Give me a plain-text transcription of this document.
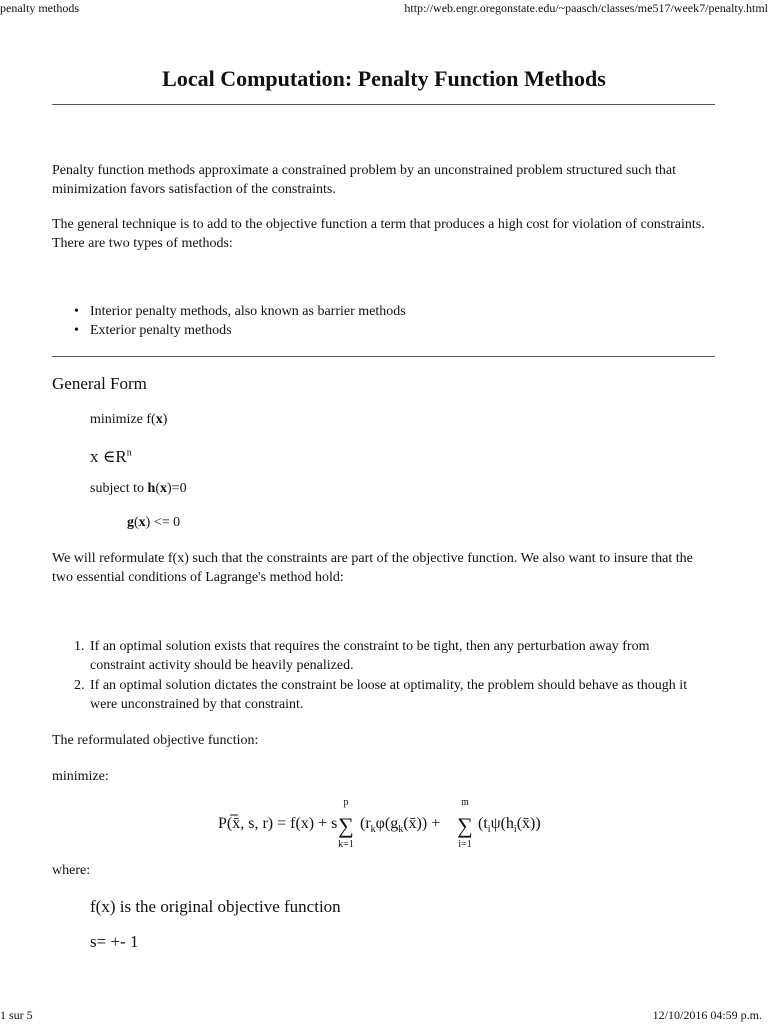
penalty methods	http://web.engr.oregonstate.edu/~paasch/classes/me517/week7/penalty.html
Local Computation: Penalty Function Methods

Penalty function methods approximate a constrained problem by an unconstrained problem structured such that minimization favors satisfaction of the constraints.

The general technique is to add to the objective function a term that produces a high cost for violation of constraints. There are two types of methods:

• Interior penalty methods, also known as barrier methods
• Exterior penalty methods

General Form

minimize f(x)

x $\in R^n$

subject to h(x)=0

g(x) <= 0

We will reformulate f(x) such that the constraints are part of the objective function. We also want to insure that the two essential conditions of Lagrange's method hold:

1. If an optimal solution exists that requires the constraint to be tight, then any perturbation away from constraint activity should be heavily penalized.
2. If an optimal solution dictates the constraint be loose at optimality, the problem should behave as though it were unconstrained by that constraint.

The reformulated objective function:

minimize:

P(x̄, s, r) = f(x) + s
p
∑
k=1
($r_k\varphi(g_k(x̄))$ +
m
∑
i=1
($t_i\psi(h_i(x̄))$

where:

f(x) is the original objective function

s= +- 1

1 sur 5	12/10/2016 04:59 p.m.
